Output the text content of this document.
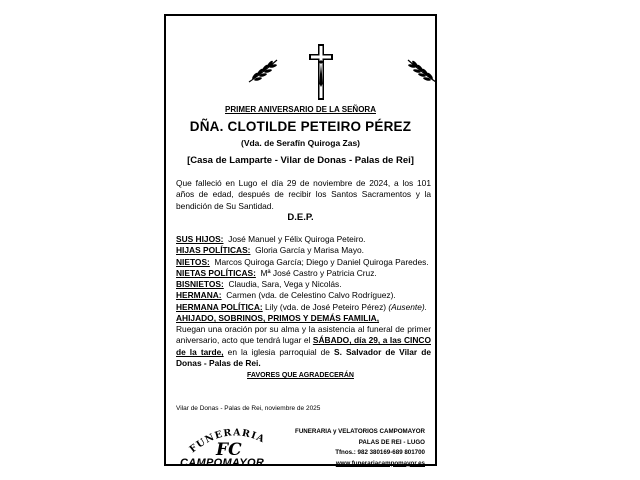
PRIMER ANIVERSARIO DE LA SEÑORA
DÑA. CLOTILDE PETEIRO PÉREZ
(Vda. de Serafín Quiroga Zas)
[Casa de Lamparte - Vilar de Donas - Palas de Rei]
Que falleció en Lugo el día 29 de noviembre de 2024, a los 101 años de edad, después de recibir los Santos Sacramentos y la bendición de Su Santidad.
D.E.P.
SUS HIJOS: José Manuel y Félix Quiroga Peteiro.
HIJAS POLÍTICAS: Gloria García y Marisa Mayo.
NIETOS: Marcos Quiroga García; Diego y Daniel Quiroga Paredes.
NIETAS POLÍTICAS: Mª José Castro y Patricia Cruz.
BISNIETOS: Claudia, Sara, Vega y Nicolás.
HERMANA: Carmen (vda. de Celestino Calvo Rodríguez).
HERMANA POLÍTICA: Lily (vda. de José Peteiro Pérez) (Ausente).
AHIJADO, SOBRINOS, PRIMOS Y DEMÁS FAMILIA,
Ruegan una oración por su alma y la asistencia al funeral de primer aniversario, acto que tendrá lugar el SÁBADO, día 29, a las CINCO de la tarde, en la iglesia parroquial de S. Salvador de Vilar de Donas - Palas de Rei.
FAVORES QUE AGRADECERÁN
Vilar de Donas - Palas de Rei, noviembre de 2025
FUNERARIA
FC
CAMPOMAYOR
FUNERARIA y VELATORIOS CAMPOMAYOR
PALAS DE REI - LUGO
Tfnos.: 982 380169-689 801700
www.funerariacampomayor.es
